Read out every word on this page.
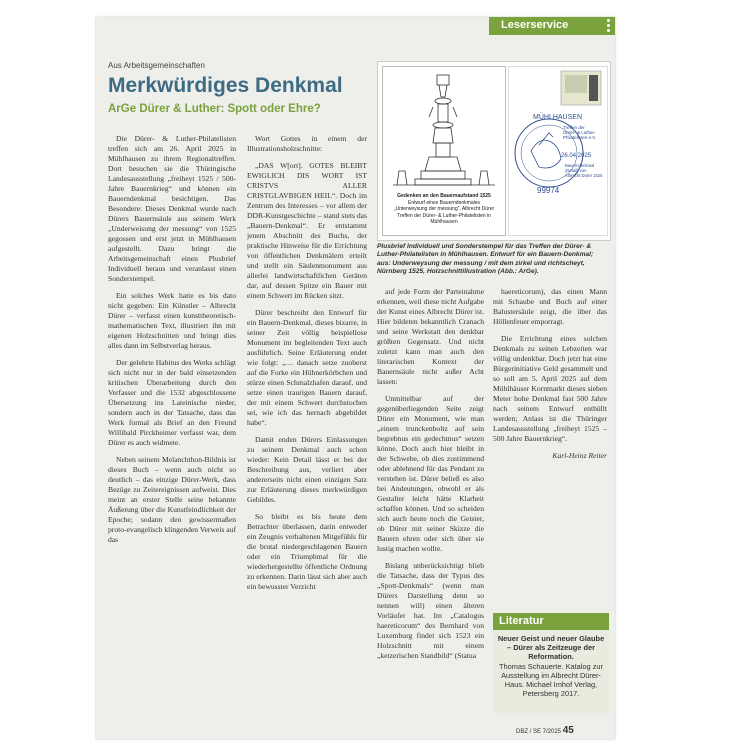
Leserservice
Aus Arbeitsgemeinschaften
Merkwürdiges Denkmal
ArGe Dürer & Luther: Spott oder Ehre?

Die Dürer- & Luther-Philatelisten treffen sich am 26. April 2025 in Mühlhausen zu ihrem Regionaltreffen. Dort besuchen sie die Thüringische Landesausstellung „freiheyt 1525 / 500- Jahre Bauernkrieg“ und können ein Bauerndenkmal besichtigen. Das Besondere: Dieses Denkmal wurde nach Dürers Bauernsäule aus seinem Werk „Underweisung der messung“ von 1525 gegossen und erst jetzt in Mühlhausen aufgestellt. Dazu bringt die Arbeitsgemeinschaft einen Plusbrief Individuell heraus und veranlasst einen Sonderstempel.

Ein solches Werk hatte es bis dato nicht gegeben: Ein Künstler – Albrecht Dürer – verfasst einen kunsttheoretisch-mathematischen Text, illustriert ihn mit eigenen Holzschnitten und bringt dies alles dann im Selbstverlag heraus.

Der gelehrte Habitus des Werks schlägt sich nicht nur in der bald einsetzenden kritischen Überarbeitung durch den Verfasser und die 1532 abgeschlossene Übersetzung ins Lateinische nieder, sondern auch in der Tatsache, dass das Werk formal als Brief an den Freund Willibald Pirckheimer verfasst war, dem Dürer es auch widmete.

Neben seinem Melanchthon-Bildnis ist dieses Buch – wenn auch nicht so deutlich – das einzige Dürer-Werk, dass Bezüge zu Zeitereignissen aufweist. Dies meint an erster Stelle seine bekannte Äußerung über die Kunstfeindlichkeit der Epoche; sodann den gewissermaßen proto-evangelisch klingenden Verweis auf das

Wort Gottes in einem der Illustrationsholzschnitte:

„DAS W[ort]. GOTES BLEIBT EWIGLICH DIS WORT IST CRISTVS ALLER CRISTGLAVBIGEN HEIL“. Doch im Zentrum des Interesses – vor allem der DDR-Kunstgeschichte – stand stets das „Bauern-Denkmal“. Er entstammt jenem Abschnitt des Buchs, der praktische Hinweise für die Errichtung von öffentlichen Denkmälern erteilt und stellt ein Säulenmonument aus allerlei landwirtschaftlichen Geräten dar, auf dessen Spitze ein Bauer mit einem Schwert im Rücken sitzt.

Dürer beschreibt den Entwurf für ein Bauern-Denkmal, dieses bizarre, in seiner Zeit völlig beispiellose Monument im begleitenden Text auch ausführlich. Seine Erläuterung endet wie folgt: „… danach setze zuoberst auf die Forke ein Hühnerkörbchen und stürze einen Schmalzhafen darauf, und setze einen traurigen Bauern darauf, der mit einem Schwert durchstochen sei, wie ich das hernach abgebildet habe“.

Damit enden Dürers Einlassungen zu seinem Denkmal auch schon wieder: Kein Detail lässt er bei der Beschreibung aus, verliert aber andererseits nicht einen einzigen Satz zur Erläuterung dieses merkwürdigen Gebildes.

So bleibt es bis heute dem Betrachter überlassen, darin entweder ein Zeugnis verhaltenen Mitgefühls für die brutal niedergeschlagenen Bauern oder ein Triumphmal für die wiederhergestellte öffentliche Ordnung zu erkennen. Darin lässt sich aber auch ein bewusster Verzicht

Gedenken an den Bauernaufstand 1525
Entwurf eines Bauerndenkmales
„Unterweysung der messung“, Albrecht Dürer
Treffen der Dürer- & Luther-Philatelisten in Mühlhausen
MÜHLHAUSEN
Treffen der
Dürer- & Luther-
Philatelisten e.V.
26.04.2025
Bauerndenkmal
(Detail) von
Albrecht Dürer 1525
99974
Plusbrief Individuell und Sonderstempel für das Treffen der Dürer- & Luther-Philatelisten in Mühlhausen. Entwurf für ein Bauern-Denkmal; aus: Underweysung der messung / mit dem zirkel und richtscheyt, Nürnberg 1525, Holzschnittillustration (Abb.: ArGe).

auf jede Form der Parteinahme erkennen, weil diese nicht Aufgabe der Kunst eines Albrecht Dürer ist. Hier bildeten bekanntlich Cranach und seine Werkstatt den denkbar größten Gegensatz. Und nicht zuletzt kann man auch den literarischen Kontext der Bauernsäule nicht außer Acht lassen:

Unmittelbar auf der gegenüberliegenden Seite zeigt Dürer ein Monument, wie man „einem trunckenboltz auf sein begrebnus ein gedechtnus“ setzen könne. Doch auch hier bleibt in der Schwebe, ob dies zustimmend oder ablehnend für das Pendant zu verstehen ist. Dürer beließ es also bei Andeutungen, obwohl er als Gestalter leicht hätte Klarheit schaffen können. Und so scheiden sich auch heute noch die Geister, ob Dürer mit seiner Skizze die Bauern ehren oder sich über sie lustig machen wollte.

Bislang unberücksichtigt blieb die Tatsache, dass der Typus des „Spott-Denkmals“ (wenn man Dürers Darstellung denn so nennen will) einen älteren Vorläufer hat. Im „Catalogus haereticorum“ des Bernhard von Luxemburg findet sich 1523 ein Holzschnitt mit einem „ketzerischen Standbild“ (Statua

haereticorum), das einen Mann mit Schaube und Buch auf einer Balustersäule zeigt, die über das Höllenfeuer emporragt.

Die Errichtung eines solchen Denkmals zu seinen Lebzeiten war völlig undenkbar. Doch jetzt hat eine Bürgerinitiative Geld gesammelt und so soll am 5. April 2025 auf dem Mühlhäuser Kornmarkt dieses sieben Meter hohe Denkmal fast 500 Jahre nach seinem Entwurf enthüllt werden; Anlass ist die Thüringer Landesausstellung „freiheyt 1525 – 500 Jahre Bauernkrieg“.

Karl-Heinz Reiter

Literatur
Neuer Geist und neuer Glaube – Dürer als Zeitzeuge der Reformation.
Thomas Schauerte. Katalog zur Ausstellung im Albrecht Dürer-Haus. Michael Imhof Verlag, Petersberg 2017.
DBZ / SE 7/2025 45
